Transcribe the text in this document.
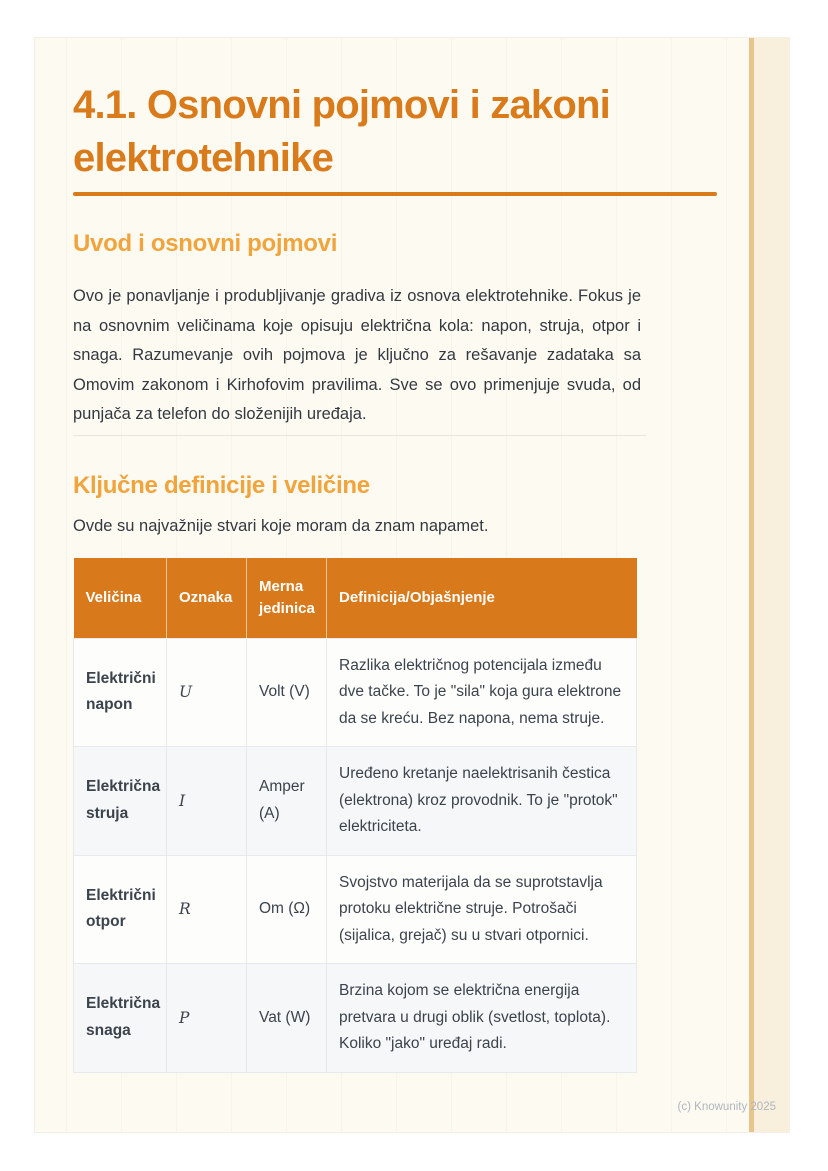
4.1. Osnovni pojmovi i zakoni elektrotehnike
Uvod i osnovni pojmovi

Ovo je ponavljanje i produbljivanje gradiva iz osnova elektrotehnike. Fokus je na osnovnim veličinama koje opisuju električna kola: napon, struja, otpor i snaga. Razumevanje ovih pojmova je ključno za rešavanje zadataka sa Omovim zakonom i Kirhofovim pravilima. Sve se ovo primenjuje svuda, od punjača za telefon do složenijih uređaja.

Ključne definicije i veličine

Ovde su najvažnije stvari koje moram da znam napamet.

Veličina	Oznaka	Merna jedinica	Definicija/Objašnjenje
Električni napon	U	Volt (V)	Razlika električnog potencijala između dve tačke. To je "sila" koja gura elektrone da se kreću. Bez napona, nema struje.
Električna struja	I	Amper (A)	Uređeno kretanje naelektrisanih čestica (elektrona) kroz provodnik. To je "protok" elektriciteta.
Električni otpor	R	Om (Ω)	Svojstvo materijala da se suprotstavlja protoku električne struje. Potrošači (sijalica, grejač) su u stvari otpornici.
Električna snaga	P	Vat (W)	Brzina kojom se električna energija pretvara u drugi oblik (svetlost, toplota). Koliko "jako" uređaj radi.
(c) Knowunity 2025
